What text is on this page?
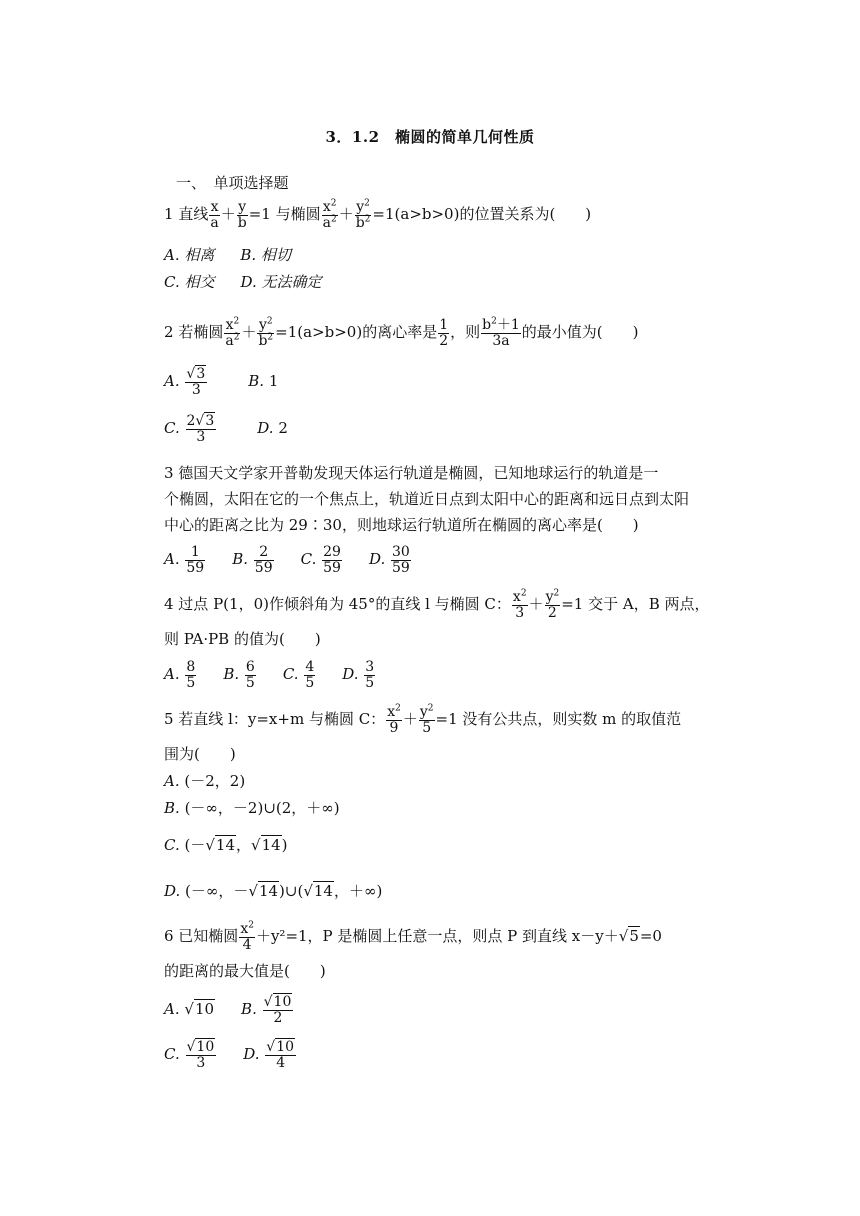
3．1.2　椭圆的简单几何性质
一、　单项选择题
1 直线 $\frac{x}{a} + \frac{y}{b} =1$ 与椭圆 $\frac{x^2}{a^2} + \frac{y^2}{b^2} =1(a>b>0)$的位置关系为(　　)
A. 相离 B. 相切
C. 相交 D. 无法确定
2 若椭圆 $\frac{x^2}{a^2} + \frac{y^2}{b^2} =1(a>b>0)$的离心率是 $\frac{1}{2}$ ，则 $\frac{b^2+1}{3a}$ 的最小值为(　　)
A. $\frac{√3}{3}$	B. 1
C. $\frac{2√3}{3}$	D. 2
3 德国天文学家开普勒发现天体运行轨道是椭圆，已知地球运行的轨道是一
个椭圆，太阳在它的一个焦点上，轨道近日点到太阳中心的距离和远日点到太阳
中心的距离之比为 29∶30，则地球运行轨道所在椭圆的离心率是(　　)
A. $\frac{1}{59} B$. $\frac{2}{59} C$. $\frac{29}{59} D$. $\frac{30}{59}$
4 过点 P(1，0)作倾斜角为 45°的直线 l 与椭圆 C： $\frac{x^2}{3} + \frac{y^2}{2} =1$ 交于 A，B 两点，
则 PA·PB 的值为(　　)
A. $\frac{8}{5} B$. $\frac{6}{5} C$. $\frac{4}{5} D$. $\frac{3}{5}$
5 若直线 l：y=x+m 与椭圆 C： $\frac{x^2}{9} + \frac{y^2}{5} =1$ 没有公共点，则实数 m 的取值范
围为(　　)
A. (－2，2)
B. (－∞，－2)∪(2，＋∞)
C. (－√14，√14)
D. (－∞，－√14)∪(√14，＋∞)
6 已知椭圆 $\frac{x^2}{4} +y^2=1$，P 是椭圆上任意一点，则点 P 到直线 x－y＋√5=0
的距离的最大值是(　　)
A. √10 B. $\frac{√10}{2}$
C. $\frac{√10}{3} D$. $\frac{√10}{4}$
